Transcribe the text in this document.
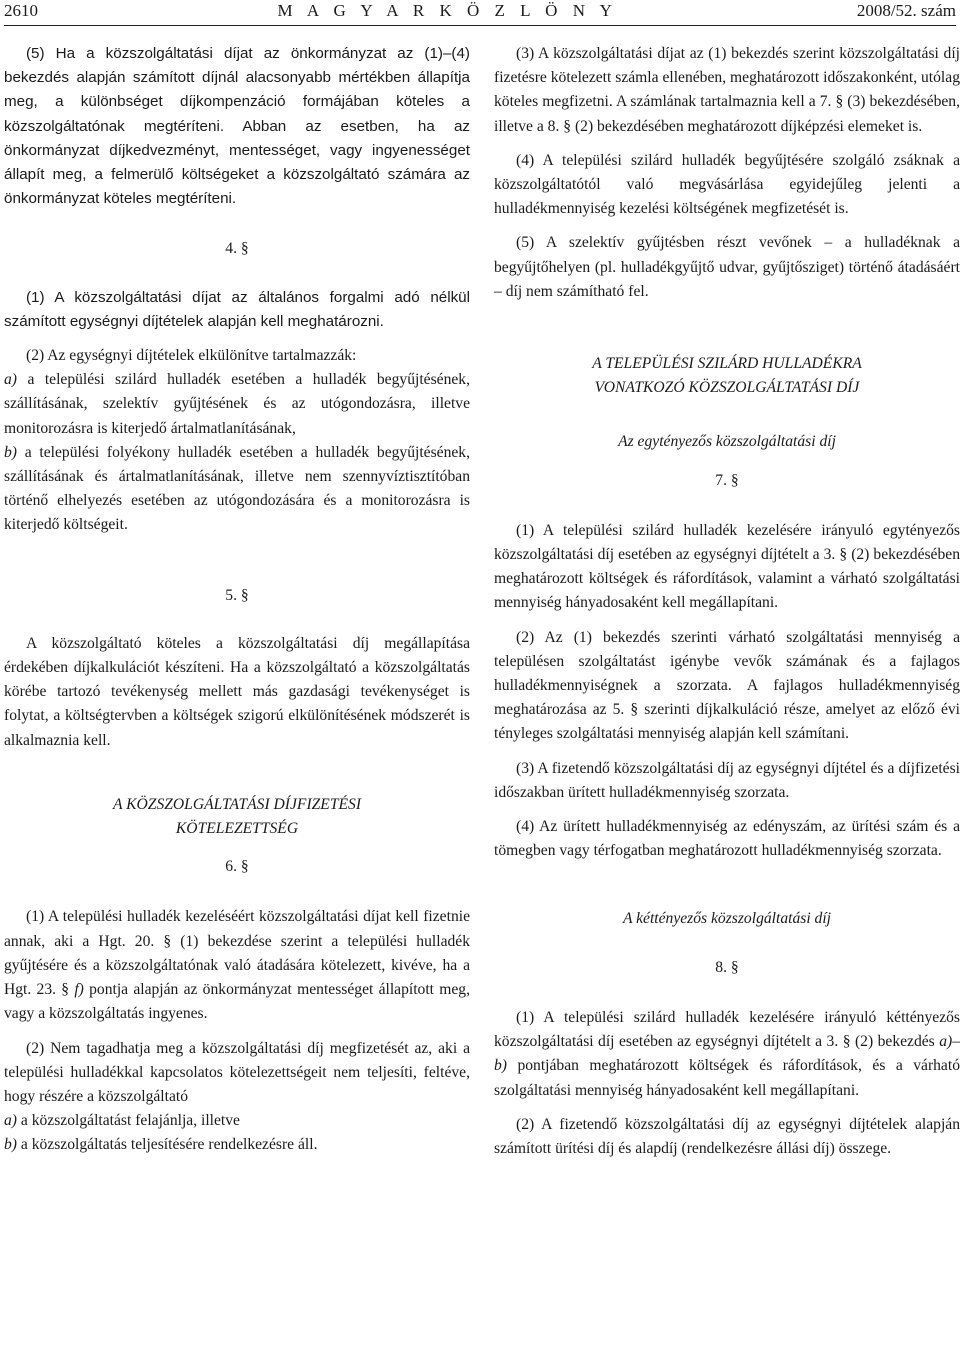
2610	M A G Y A R K Ö Z L Ö N Y	2008/52. szám

(5) Ha a közszolgáltatási díjat az önkormányzat az (1)–(4) bekezdés alapján számított díjnál alacsonyabb mértékben állapítja meg, a különbséget díjkompenzáció formájában köteles a közszolgáltatónak megtéríteni. Abban az esetben, ha az önkormányzat díjkedvezményt, mentességet, vagy ingyenességet állapít meg, a felmerülő költségeket a közszolgáltató számára az önkormányzat köteles megtéríteni.

4. §

(1) A közszolgáltatási díjat az általános forgalmi adó nélkül számított egységnyi díjtételek alapján kell meghatározni.

(2) Az egységnyi díjtételek elkülönítve tartalmazzák:

a) a települési szilárd hulladék esetében a hulladék begyűjtésének, szállításának, szelektív gyűjtésének és az utógondozásra, illetve monitorozásra is kiterjedő ártalmatlanításának,

b) a települési folyékony hulladék esetében a hulladék begyűjtésének, szállításának és ártalmatlanításának, illetve nem szennyvíztisztítóban történő elhelyezés esetében az utógondozására és a monitorozásra is kiterjedő költségeit.

5. §

A közszolgáltató köteles a közszolgáltatási díj megállapítása érdekében díjkalkulációt készíteni. Ha a közszolgáltató a közszolgáltatás körébe tartozó tevékenység mellett más gazdasági tevékenységet is folytat, a költségtervben a költségek szigorú elkülönítésének módszerét is alkalmaznia kell.

A KÖZSZOLGÁLTATÁSI DÍJFIZETÉSI
KÖTELEZETTSÉG
6. §

(1) A települési hulladék kezeléséért közszolgáltatási díjat kell fizetnie annak, aki a Hgt. 20. § (1) bekezdése szerint a települési hulladék gyűjtésére és a közszolgáltatónak való átadására kötelezett, kivéve, ha a Hgt. 23. § f) pontja alapján az önkormányzat mentességet állapított meg, vagy a közszolgáltatás ingyenes.

(2) Nem tagadhatja meg a közszolgáltatási díj megfizetését az, aki a települési hulladékkal kapcsolatos kötelezettségeit nem teljesíti, feltéve, hogy részére a közszolgáltató

a) a közszolgáltatást felajánlja, illetve

b) a közszolgáltatás teljesítésére rendelkezésre áll.

(3) A közszolgáltatási díjat az (1) bekezdés szerint közszolgáltatási díj fizetésre kötelezett számla ellenében, meghatározott időszakonként, utólag köteles megfizetni. A számlának tartalmaznia kell a 7. § (3) bekezdésében, illetve a 8. § (2) bekezdésében meghatározott díjképzési elemeket is.

(4) A települési szilárd hulladék begyűjtésére szolgáló zsáknak a közszolgáltatótól való megvásárlása egyidejűleg jelenti a hulladékmennyiség kezelési költségének megfizetését is.

(5) A szelektív gyűjtésben részt vevőnek – a hulladéknak a begyűjtőhelyen (pl. hulladékgyűjtő udvar, gyűjtősziget) történő átadásáért – díj nem számítható fel.

A TELEPÜLÉSI SZILÁRD HULLADÉKRA
VONATKOZÓ KÖZSZOLGÁLTATÁSI DÍJ
Az egytényezős közszolgáltatási díj
7. §

(1) A települési szilárd hulladék kezelésére irányuló egytényezős közszolgáltatási díj esetében az egységnyi díjtételt a 3. § (2) bekezdésében meghatározott költségek és ráfordítások, valamint a várható szolgáltatási mennyiség hányadosaként kell megállapítani.

(2) Az (1) bekezdés szerinti várható szolgáltatási mennyiség a településen szolgáltatást igénybe vevők számának és a fajlagos hulladékmennyiségnek a szorzata. A fajlagos hulladékmennyiség meghatározása az 5. § szerinti díjkalkuláció része, amelyet az előző évi tényleges szolgáltatási mennyiség alapján kell számítani.

(3) A fizetendő közszolgáltatási díj az egységnyi díjtétel és a díjfizetési időszakban ürített hulladékmennyiség szorzata.

(4) Az ürített hulladékmennyiség az edényszám, az ürítési szám és a tömegben vagy térfogatban meghatározott hulladékmennyiség szorzata.

A kéttényezős közszolgáltatási díj
8. §

(1) A települési szilárd hulladék kezelésére irányuló kéttényezős közszolgáltatási díj esetében az egységnyi díjtételt a 3. § (2) bekezdés a)–b) pontjában meghatározott költségek és ráfordítások, és a várható szolgáltatási mennyiség hányadosaként kell megállapítani.

(2) A fizetendő közszolgáltatási díj az egységnyi díjtételek alapján számított ürítési díj és alapdíj (rendelkezésre állási díj) összege.
